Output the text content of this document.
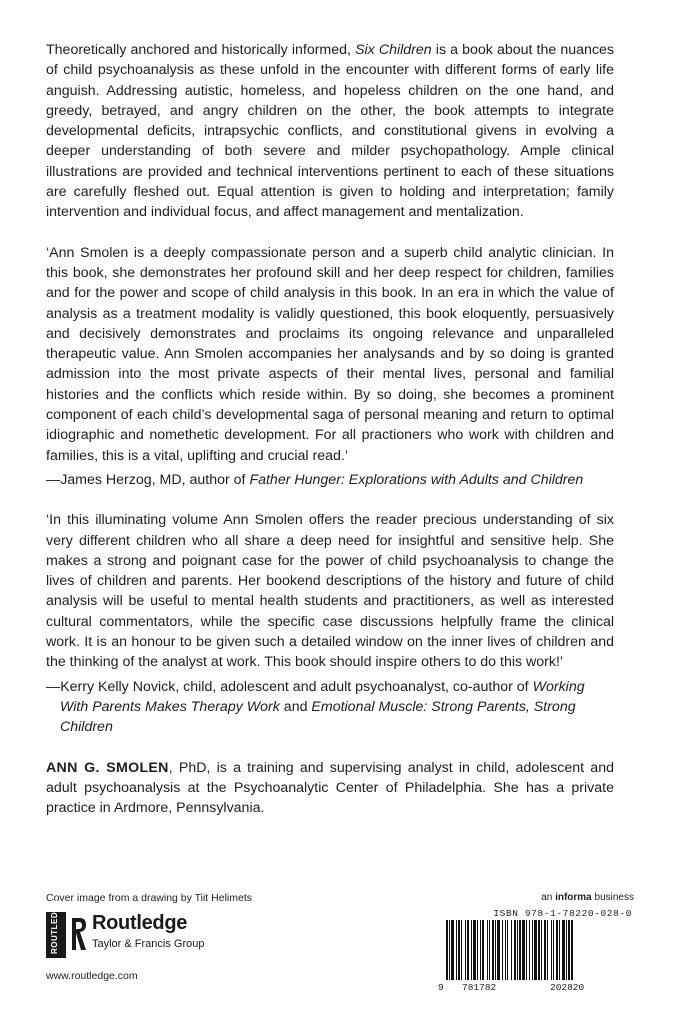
Theoretically anchored and historically informed, Six Children is a book about the nuances of child psychoanalysis as these unfold in the encounter with different forms of early life anguish. Addressing autistic, homeless, and hopeless children on the one hand, and greedy, betrayed, and angry children on the other, the book attempts to integrate developmental deficits, intrapsychic conflicts, and constitutional givens in evolving a deeper understanding of both severe and milder psychopathology. Ample clinical illustrations are provided and technical interventions pertinent to each of these situations are carefully fleshed out. Equal attention is given to holding and interpretation; family intervention and individual focus, and affect management and mentalization.

‘Ann Smolen is a deeply compassionate person and a superb child analytic clinician. In this book, she demonstrates her profound skill and her deep respect for children, families and for the power and scope of child analysis in this book. In an era in which the value of analysis as a treatment modality is validly questioned, this book eloquently, persuasively and decisively demonstrates and proclaims its ongoing relevance and unparalleled therapeutic value. Ann Smolen accompanies her analysands and by so doing is granted admission into the most private aspects of their mental lives, personal and familial histories and the conflicts which reside within. By so doing, she becomes a prominent component of each child’s developmental saga of personal meaning and return to optimal idiographic and nomethetic development. For all practioners who work with children and families, this is a vital, uplifting and crucial read.’

—James Herzog, MD, author of Father Hunger: Explorations with Adults and Children

‘In this illuminating volume Ann Smolen offers the reader precious understanding of six very different children who all share a deep need for insightful and sensitive help. She makes a strong and poignant case for the power of child psychoanalysis to change the lives of children and parents. Her bookend descriptions of the history and future of child analysis will be useful to mental health students and practitioners, as well as interested cultural commentators, while the specific case discussions helpfully frame the clinical work. It is an honour to be given such a detailed window on the inner lives of children and the thinking of the analyst at work. This book should inspire others to do this work!’

—Kerry Kelly Novick, child, adolescent and adult psychoanalyst, co-author of Working With Parents Makes Therapy Work and Emotional Muscle: Strong Parents, Strong Children

ANN G. SMOLEN, PhD, is a training and supervising analyst in child, adolescent and adult psychoanalysis at the Psychoanalytic Center of Philadelphia. She has a private practice in Ardmore, Pennsylvania.

Cover image from a drawing by Tiit Helimets
ROUTLEDGE Routledge
Taylor & Francis Group
www.routledge.com
an informa business
ISBN 978-1-78220-028-0
9 781782	202820
